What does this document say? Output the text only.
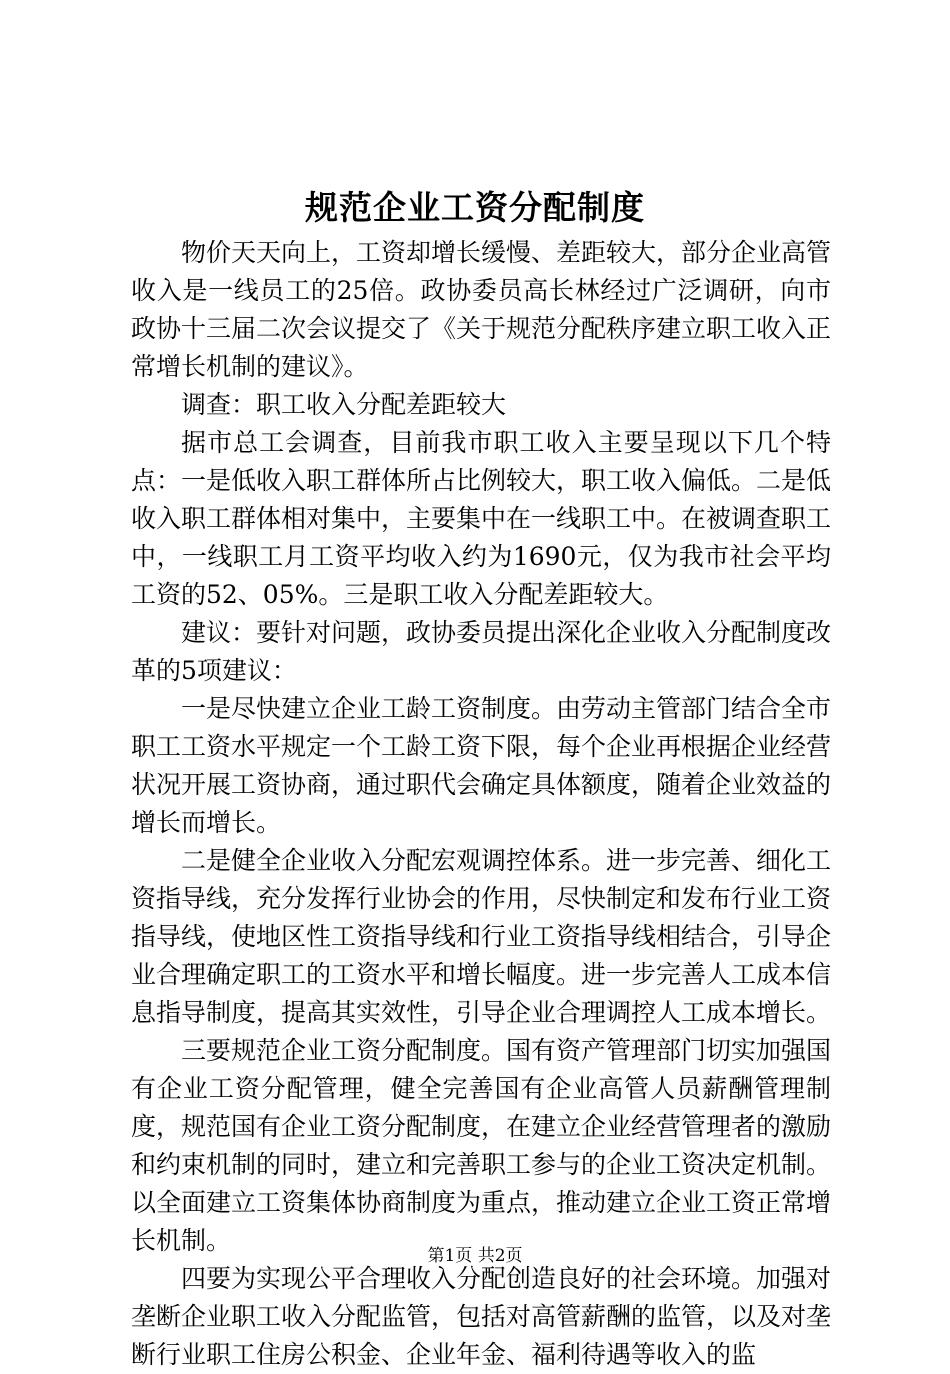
规范企业工资分配制度

物价天天向上，工资却增长缓慢、差距较大，部分企业高管收入是一线员工的25倍。政协委员高长林经过广泛调研，向市政协十三届二次会议提交了《关于规范分配秩序建立职工收入正常增长机制的建议》。

调查：职工收入分配差距较大

据市总工会调查，目前我市职工收入主要呈现以下几个特点：一是低收入职工群体所占比例较大，职工收入偏低。二是低收入职工群体相对集中，主要集中在一线职工中。在被调查职工中，一线职工月工资平均收入约为1690元，仅为我市社会平均工资的52、05%。三是职工收入分配差距较大。

建议：要针对问题，政协委员提出深化企业收入分配制度改革的5项建议：

一是尽快建立企业工龄工资制度。由劳动主管部门结合全市职工工资水平规定一个工龄工资下限，每个企业再根据企业经营状况开展工资协商，通过职代会确定具体额度，随着企业效益的增长而增长。

二是健全企业收入分配宏观调控体系。进一步完善、细化工资指导线，充分发挥行业协会的作用，尽快制定和发布行业工资指导线，使地区性工资指导线和行业工资指导线相结合，引导企业合理确定职工的工资水平和增长幅度。进一步完善人工成本信息指导制度，提高其实效性，引导企业合理调控人工成本增长。

三要规范企业工资分配制度。国有资产管理部门切实加强国有企业工资分配管理，健全完善国有企业高管人员薪酬管理制度，规范国有企业工资分配制度，在建立企业经营管理者的激励和约束机制的同时，建立和完善职工参与的企业工资决定机制。以全面建立工资集体协商制度为重点，推动建立企业工资正常增长机制。

四要为实现公平合理收入分配创造良好的社会环境。加强对垄断企业职工收入分配监管，包括对高管薪酬的监管，以及对垄断行业职工住房公积金、企业年金、福利待遇等收入的监

第1页 共2页
